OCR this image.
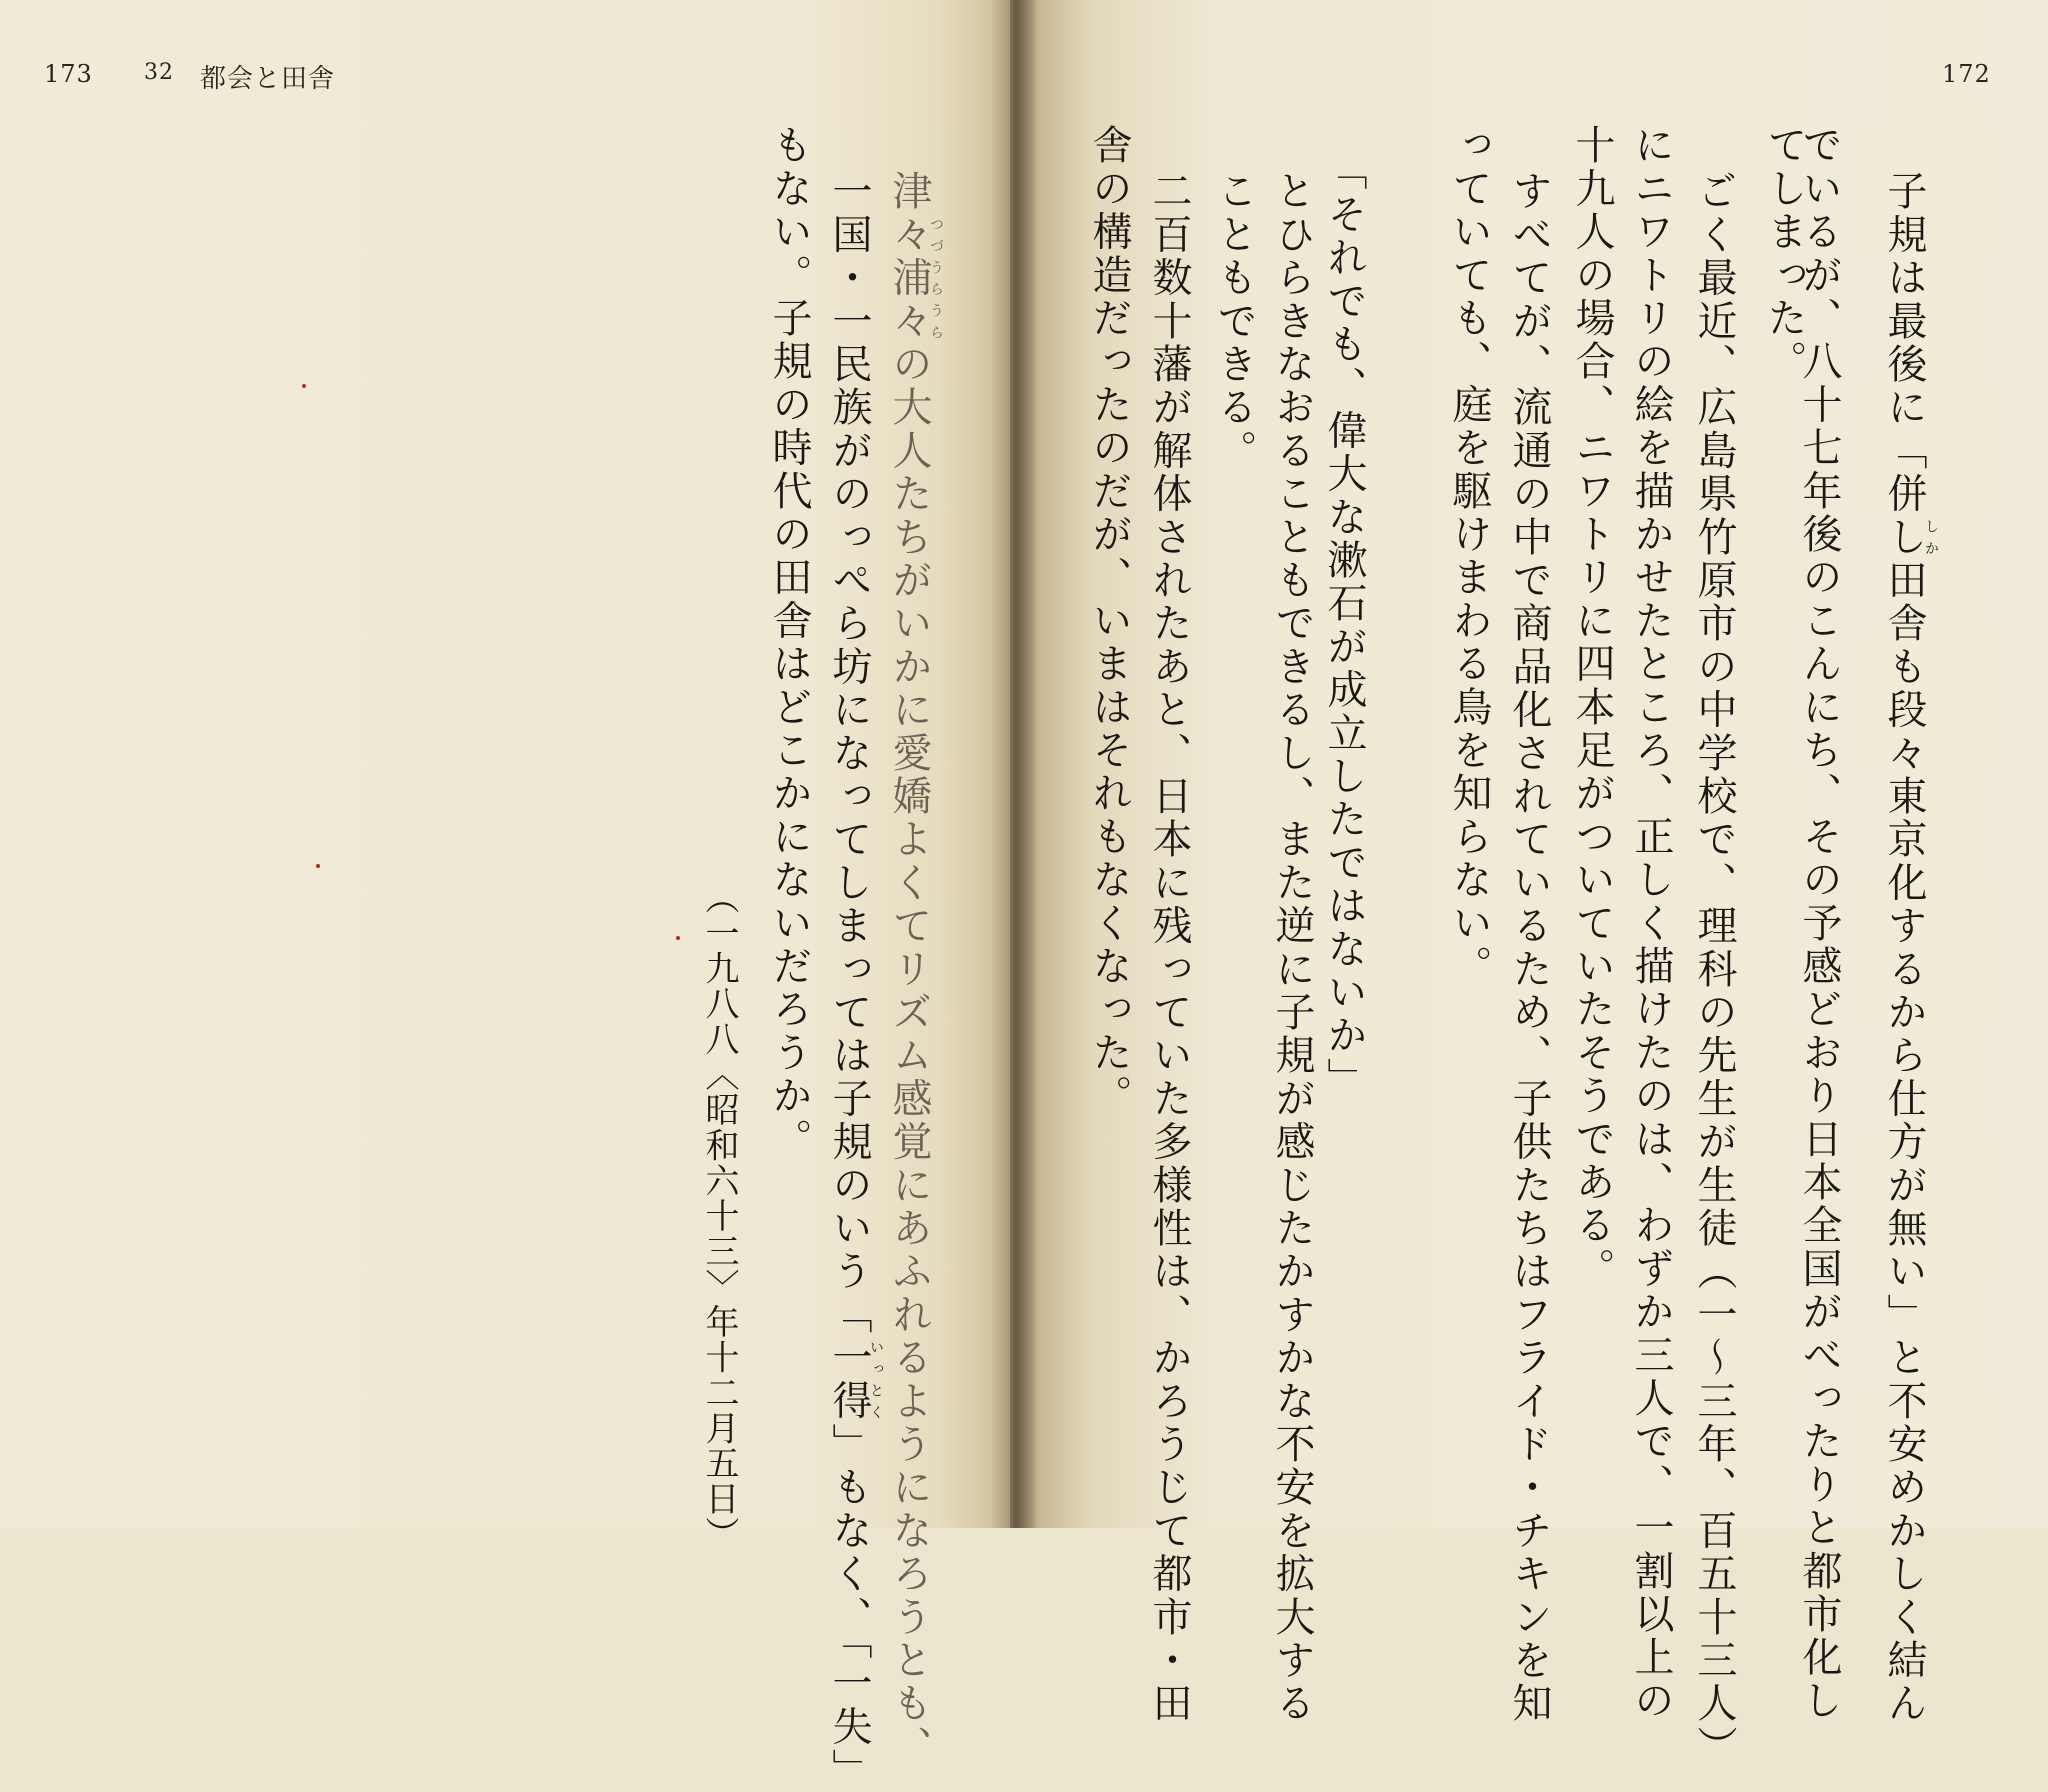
173 32 都会と田舎	172
子規は最後に「併ししか田舎も段々東京化するから仕方が無い」と不安めかしく結ん
でいるが、八十七年後のこんにち、その予感どおり日本全国がべったりと都市化し
てしまった。
ごく最近、広島県竹原市の中学校で、理科の先生が生徒（一〜三年、百五十三人）
にニワトリの絵を描かせたところ、正しく描けたのは、わずか三人で、一割以上の
十九人の場合、ニワトリに四本足がついていたそうである。
すべてが、流通の中で商品化されているため、子供たちはフライド・チキンを知
っていても、庭を駆けまわる鳥を知らない。
「それでも、偉大な漱石が成立したではないか」
とひらきなおることもできるし、また逆に子規が感じたかすかな不安を拡大する
こともできる。
二百数十藩が解体されたあと、日本に残っていた多様性は、かろうじて都市・田
舎の構造だったのだが、いまはそれもなくなった。
津々浦々つづうらうらの大人たちがいかに愛嬌よくてリズム感覚にあふれるようになろうとも、
一国・一民族がのっぺら坊になってしまっては子規のいう「一得いっとく」もなく、「一失」
もない。子規の時代の田舎はどこかにないだろうか。
（一九八八〈昭和六十三〉年十二月五日）
